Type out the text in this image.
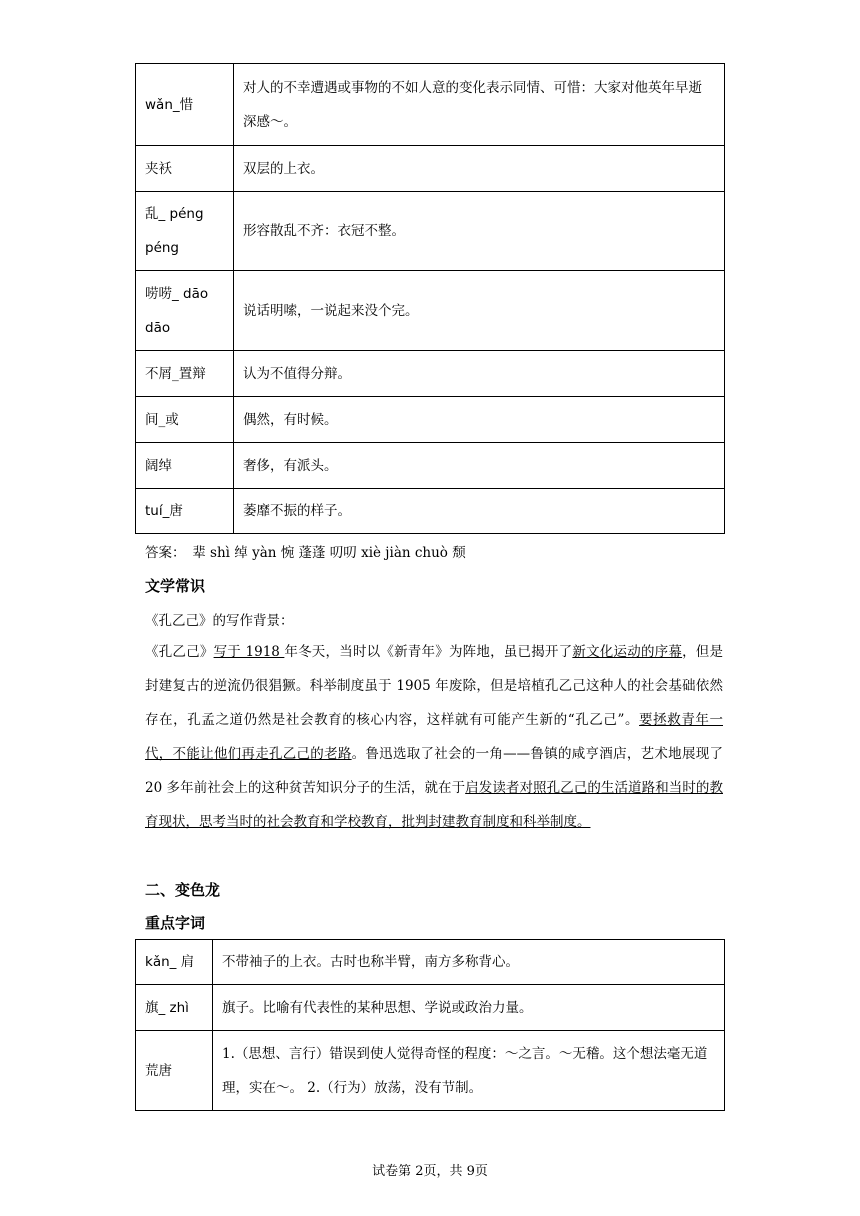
wǎn_惜	对人的不幸遭遇或事物的不如人意的变化表示同情、可惜：大家对他英年早逝深感～。
夹袄	双层的上衣。
乱_ péng péng	形容散乱不齐：衣冠不整。
唠唠_ dāo dāo	说话明嗦，一说起来没个完。
不屑_置辩	认为不值得分辩。
间_或	偶然，有时候。
阔绰	奢侈，有派头。
tuí_唐	萎靡不振的样子。
答案：　辈 shì 绰 yàn 惋 蓬蓬 叨叨 xiè jiàn chuò 颓
文学常识
《孔乙己》的写作背景：
《孔乙己》写于 1918 年冬天，当时以《新青年》为阵地，虽已揭开了新文化运动的序幕，但是封建复古的逆流仍很猖獗。科举制度虽于 1905 年废除，但是培植孔乙己这种人的社会基础依然存在，孔孟之道仍然是社会教育的核心内容，这样就有可能产生新的“孔乙己”。要拯救青年一代，不能让他们再走孔乙己的老路。鲁迅选取了社会的一角——鲁镇的咸亨酒店，艺术地展现了 20 多年前社会上的这种贫苦知识分子的生活，就在于启发读者对照孔乙己的生活道路和当时的教育现状，思考当时的社会教育和学校教育，批判封建教育制度和科举制度。
二、变色龙
重点字词
kǎn_ 肩	不带袖子的上衣。古时也称半臂，南方多称背心。
旗_ zhì	旗子。比喻有代表性的某种思想、学说或政治力量。
荒唐	1.（思想、言行）错误到使人觉得奇怪的程度：～之言。～无稽。这个想法毫无道理，实在～。 2.（行为）放荡，没有节制。
试卷第 2页，共 9页
